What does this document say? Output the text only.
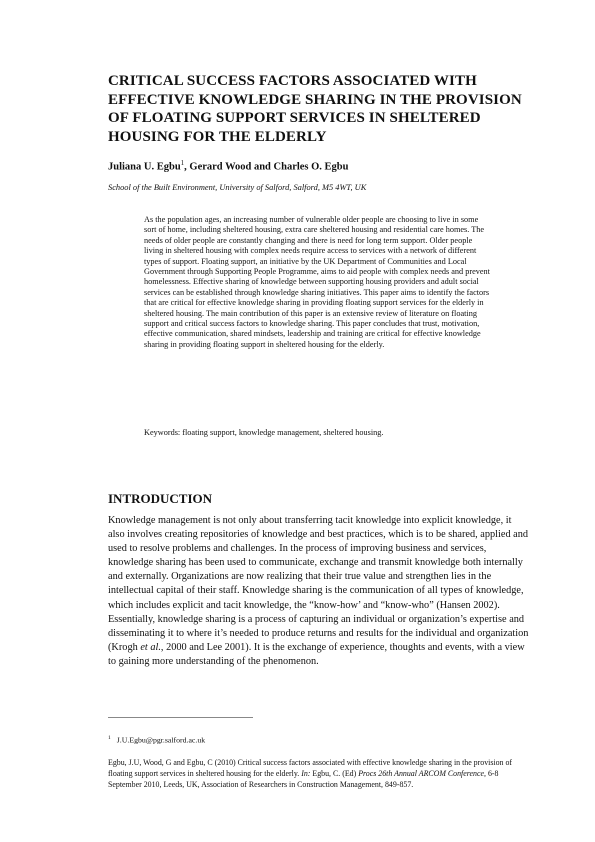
CRITICAL SUCCESS FACTORS ASSOCIATED WITH EFFECTIVE KNOWLEDGE SHARING IN THE PROVISION OF FLOATING SUPPORT SERVICES IN SHELTERED HOUSING FOR THE ELDERLY
Juliana U. Egbu$^1$, Gerard Wood and Charles O. Egbu
School of the Built Environment, University of Salford, Salford, M5 4WT, UK

As the population ages, an increasing number of vulnerable older people are choosing to live in some sort of home, including sheltered housing, extra care sheltered housing and residential care homes. The needs of older people are constantly changing and there is need for long term support. Older people living in sheltered housing with complex needs require access to services with a network of different types of support. Floating support, an initiative by the UK Department of Communities and Local Government through Supporting People Programme, aims to aid people with complex needs and prevent homelessness. Effective sharing of knowledge between supporting housing providers and adult social services can be established through knowledge sharing initiatives. This paper aims to identify the factors that are critical for effective knowledge sharing in providing floating support services for the elderly in sheltered housing. The main contribution of this paper is an extensive review of literature on floating support and critical success factors to knowledge sharing. This paper concludes that trust, motivation, effective communication, shared mindsets, leadership and training are critical for effective knowledge sharing in providing floating support in sheltered housing for the elderly.

Keywords: floating support, knowledge management, sheltered housing.
INTRODUCTION

Knowledge management is not only about transferring tacit knowledge into explicit knowledge, it also involves creating repositories of knowledge and best practices, which is to be shared, applied and used to resolve problems and challenges. In the process of improving business and services, knowledge sharing has been used to communicate, exchange and transmit knowledge both internally and externally. Organizations are now realizing that their true value and strengthen lies in the intellectual capital of their staff. Knowledge sharing is the communication of all types of knowledge, which includes explicit and tacit knowledge, the “know-how’ and “know-who” (Hansen 2002). Essentially, knowledge sharing is a process of capturing an individual or organization’s expertise and disseminating it to where it’s needed to produce returns and results for the individual and organization (Krogh et al., 2000 and Lee 2001). It is the exchange of experience, thoughts and events, with a view to gaining more understanding of the phenomenon.

$^1$ J.U.Egbu@pgr.salford.ac.uk

Egbu, J.U, Wood, G and Egbu, C (2010) Critical success factors associated with effective knowledge sharing in the provision of floating support services in sheltered housing for the elderly. In: Egbu, C. (Ed) Procs 26th Annual ARCOM Conference, 6-8 September 2010, Leeds, UK, Association of Researchers in Construction Management, 849-857.
